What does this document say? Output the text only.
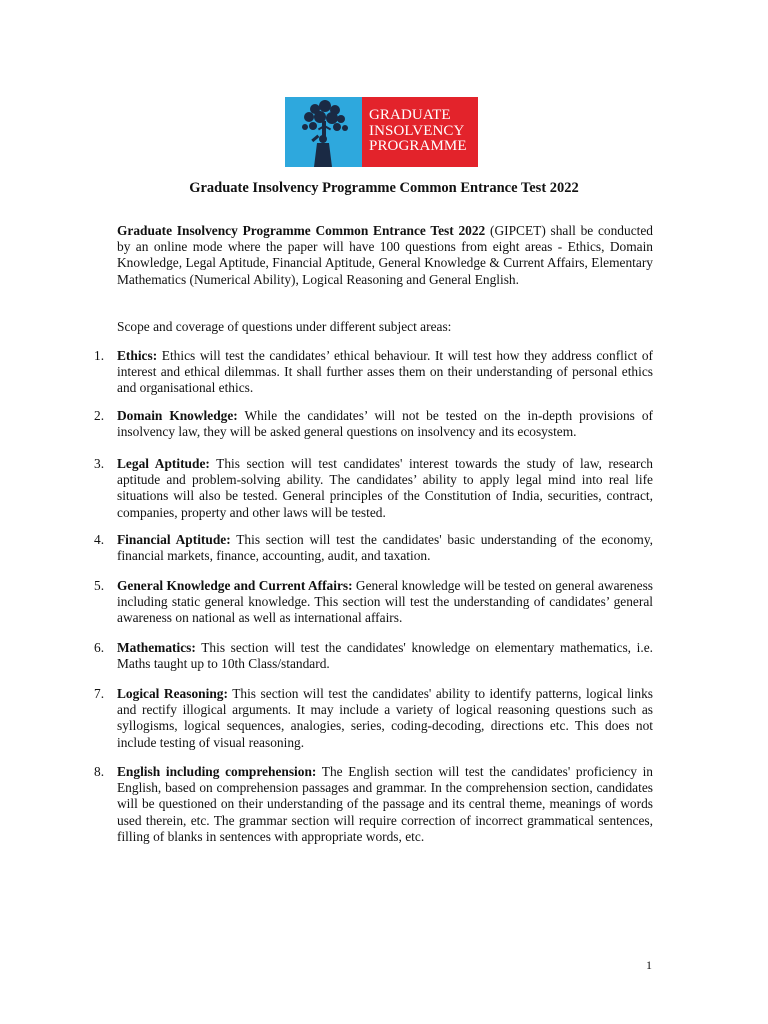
GRADUATE
INSOLVENCY
PROGRAMME
Graduate Insolvency Programme Common Entrance Test 2022

Graduate Insolvency Programme Common Entrance Test 2022 (GIPCET) shall be conducted by an online mode where the paper will have 100 questions from eight areas - Ethics, Domain Knowledge, Legal Aptitude, Financial Aptitude, General Knowledge & Current Affairs, Elementary Mathematics (Numerical Ability), Logical Reasoning and General English.

Scope and coverage of questions under different subject areas:

1. Ethics: Ethics will test the candidates’ ethical behaviour. It will test how they address conflict of interest and ethical dilemmas. It shall further asses them on their understanding of personal ethics and organisational ethics.

2. Domain Knowledge: While the candidates’ will not be tested on the in-depth provisions of insolvency law, they will be asked general questions on insolvency and its ecosystem.

3. Legal Aptitude: This section will test candidates' interest towards the study of law, research aptitude and problem-solving ability. The candidates’ ability to apply legal mind into real life situations will also be tested. General principles of the Constitution of India, securities, contract, companies, property and other laws will be tested.

4. Financial Aptitude: This section will test the candidates' basic understanding of the economy, financial markets, finance, accounting, audit, and taxation.

5. General Knowledge and Current Affairs: General knowledge will be tested on general awareness including static general knowledge. This section will test the understanding of candidates’ general awareness on national as well as international affairs.

6. Mathematics: This section will test the candidates' knowledge on elementary mathematics, i.e. Maths taught up to 10th Class/standard.

7. Logical Reasoning: This section will test the candidates' ability to identify patterns, logical links and rectify illogical arguments. It may include a variety of logical reasoning questions such as syllogisms, logical sequences, analogies, series, coding-decoding, directions etc. This does not include testing of visual reasoning.

8. English including comprehension: The English section will test the candidates' proficiency in English, based on comprehension passages and grammar. In the comprehension section, candidates will be questioned on their understanding of the passage and its central theme, meanings of words used therein, etc. The grammar section will require correction of incorrect grammatical sentences, filling of blanks in sentences with appropriate words, etc.

1
